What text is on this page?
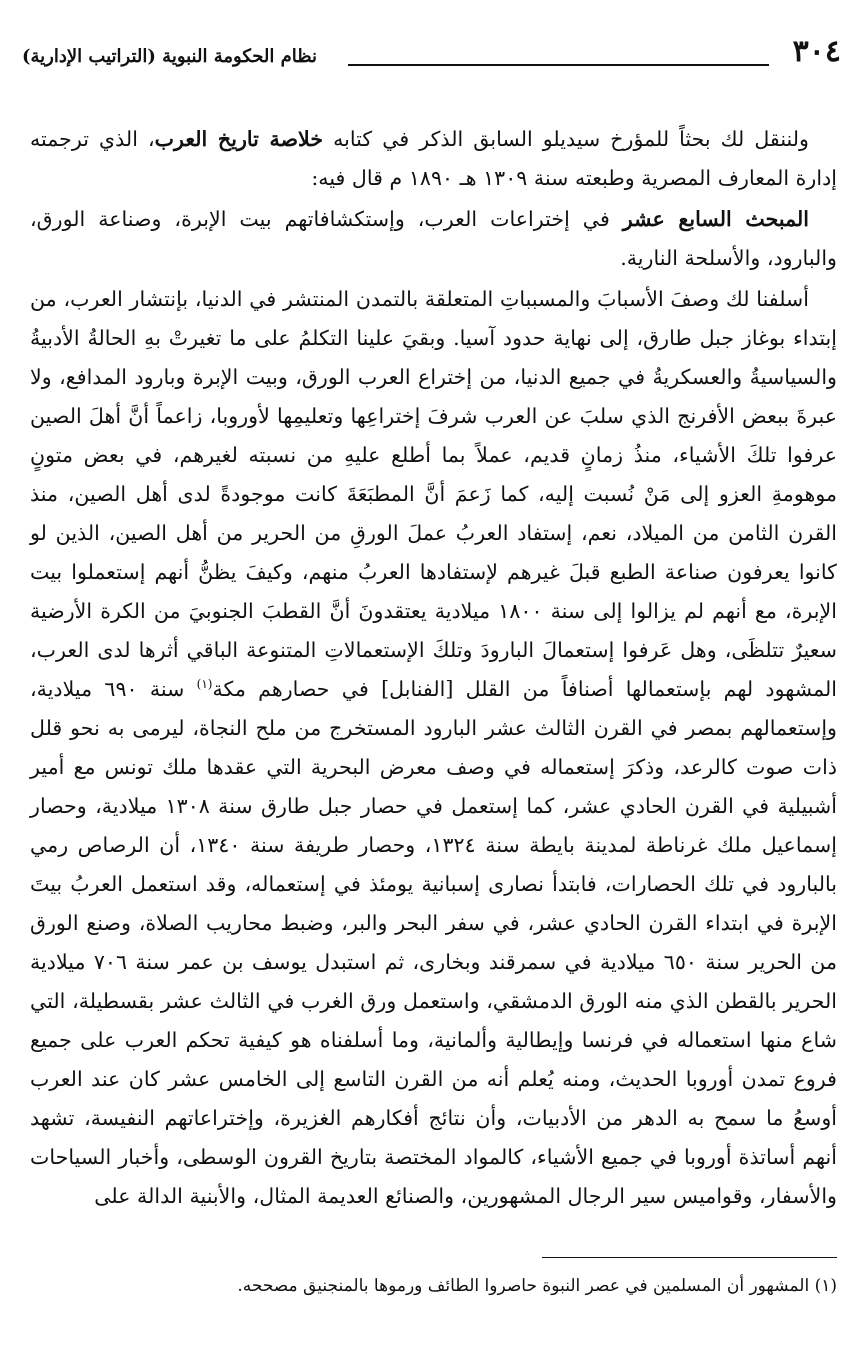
٣٠٤
نظام الحكومة النبوية (التراتيب الإدارية)

ولننقل لك بحثاً للمؤرخ سيديلو السابق الذكر في كتابه خلاصة تاريخ العرب، الذي ترجمته إدارة المعارف المصرية وطبعته سنة ١٣٠٩ هـ ١٨٩٠ م قال فيه:

المبحث السابع عشر في إختراعات العرب، وإستكشافاتهم بيت الإبرة، وصناعة الورق، والبارود، والأسلحة النارية.

أسلفنا لك وصفَ الأسبابَ والمسبباتِ المتعلقة بالتمدن المنتشر في الدنيا، بإنتشار العرب، من إبتداء بوغاز جبل طارق، إلى نهاية حدود آسيا. وبقيَ علينا التكلمُ على ما تغيرتْ بهِ الحالةُ الأدبيةُ والسياسيةُ والعسكريةُ في جميع الدنيا، من إختراع العرب الورق، وبيت الإبرة وبارود المدافع، ولا عبرةَ ببعض الأفرنج الذي سلبَ عن العرب شرفَ إختراعِها وتعليمِها لأوروبا، زاعماً أنَّ أهلَ الصين عرفوا تلكَ الأشياء، منذُ زمانٍ قديم، عملاً بما أطلع عليهِ من نسبته لغيرهم، في بعض متونٍ موهومةِ العزو إلى مَنْ نُسبت إليه، كما زَعمَ أنَّ المطبَعَةَ كانت موجودةً لدى أهل الصين، منذ القرن الثامن من الميلاد، نعم، إستفاد العربُ عملَ الورقِ من الحرير من أهل الصين، الذين لو كانوا يعرفون صناعة الطبع قبلَ غيرهم لإستفادها العربُ منهم، وكيفَ يظنُّ أنهم إستعملوا بيت الإبرة، مع أنهم لم يزالوا إلى سنة ١٨٠٠ ميلادية يعتقدونَ أنَّ القطبَ الجنوبيَ من الكرة الأرضية سعيرٌ تتلظَى، وهل عَرفوا إستعمالَ البارودَ وتلكَ الإستعمالاتِ المتنوعة الباقي أثرها لدى العرب، المشهود لهم بإستعمالها أصنافاً من القلل [الفنابل] في حصارهم مكة$^{(١)}$ سنة ٦٩٠ ميلادية، وإستعمالهم بمصر في القرن الثالث عشر البارود المستخرج من ملح النجاة، ليرمى به نحو قلل ذات صوت كالرعد، وذكرَ إستعماله في وصف معرض البحرية التي عقدها ملك تونس مع أمير أشبيلية في القرن الحادي عشر، كما إستعمل في حصار جبل طارق سنة ١٣٠٨ ميلادية، وحصار إسماعيل ملك غرناطة لمدينة بايطة سنة ١٣٢٤، وحصار طريفة سنة ١٣٤٠، أن الرصاص رمي بالبارود في تلك الحصارات، فابتدأ نصارى إسبانية يومئذ في إستعماله، وقد استعمل العربُ بيتَ الإبرة في ابتداء القرن الحادي عشر، في سفر البحر والبر، وضبط محاريب الصلاة، وصنع الورق من الحرير سنة ٦٥٠ ميلادية في سمرقند وبخارى، ثم استبدل يوسف بن عمر سنة ٧٠٦ ميلادية الحرير بالقطن الذي منه الورق الدمشقي، واستعمل ورق الغرب في الثالث عشر بقسطيلة، التي شاع منها استعماله في فرنسا وإيطالية وألمانية، وما أسلفناه هو كيفية تحكم العرب على جميع فروع تمدن أوروبا الحديث، ومنه يُعلم أنه من القرن التاسع إلى الخامس عشر كان عند العرب أوسعُ ما سمح به الدهر من الأدبيات، وأن نتائج أفكارهم الغزيرة، وإختراعاتهم النفيسة، تشهد أنهم أساتذة أوروبا في جميع الأشياء، كالمواد المختصة بتاريخ القرون الوسطى، وأخبار السياحات والأسفار، وقواميس سير الرجال المشهورين، والصنائع العديمة المثال، والأبنية الدالة على

(١) المشهور أن المسلمين في عصر النبوة حاصروا الطائف ورموها بالمنجنيق مصححه.
